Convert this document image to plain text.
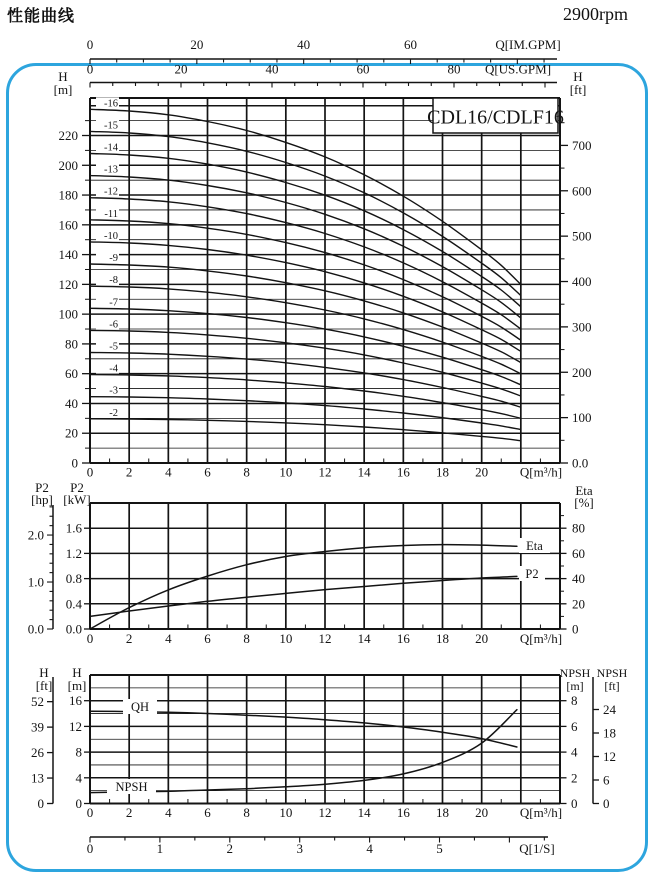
性能曲线	2900rpm
0	20	40	60	Q[IM.GPM]
0	20	40	60	80 Q[US.GPM]
H
[m]
0
20
40
60
80
100
120
140
160
180
200
220
H
[ft]
700
600
500
400
300
200
100
0.0
-2
-3
-4
-5
-6
-7
-8
-9
-10
-11
-12
-13
-14
-15
-16
0	2	4	6	8 10 12 14 16 18 20 Q[m³/h]
CDL16/CDLF16
P2
[hp]
0.0
1.0
2.0
P2
[kW]
0.0
0.4
0.8
1.2
1.6
Eta
[%]
0
20
40
60
80
Eta
P2
0	2	4	6	8 10 12 14 16 18 20 Q[m³/h]
H
[ft]
0
13
26
39
52
H
[m]
0
4
8
12
16
NPSH
[m]
0
2
4
6
8
NPSH
[ft]
0
6
12
18
24
QH
NPSH
0	2	4	6	8 10 12 14 16 18 20 Q[m³/h]
0	1	2	3	4	5	Q[1/S]
